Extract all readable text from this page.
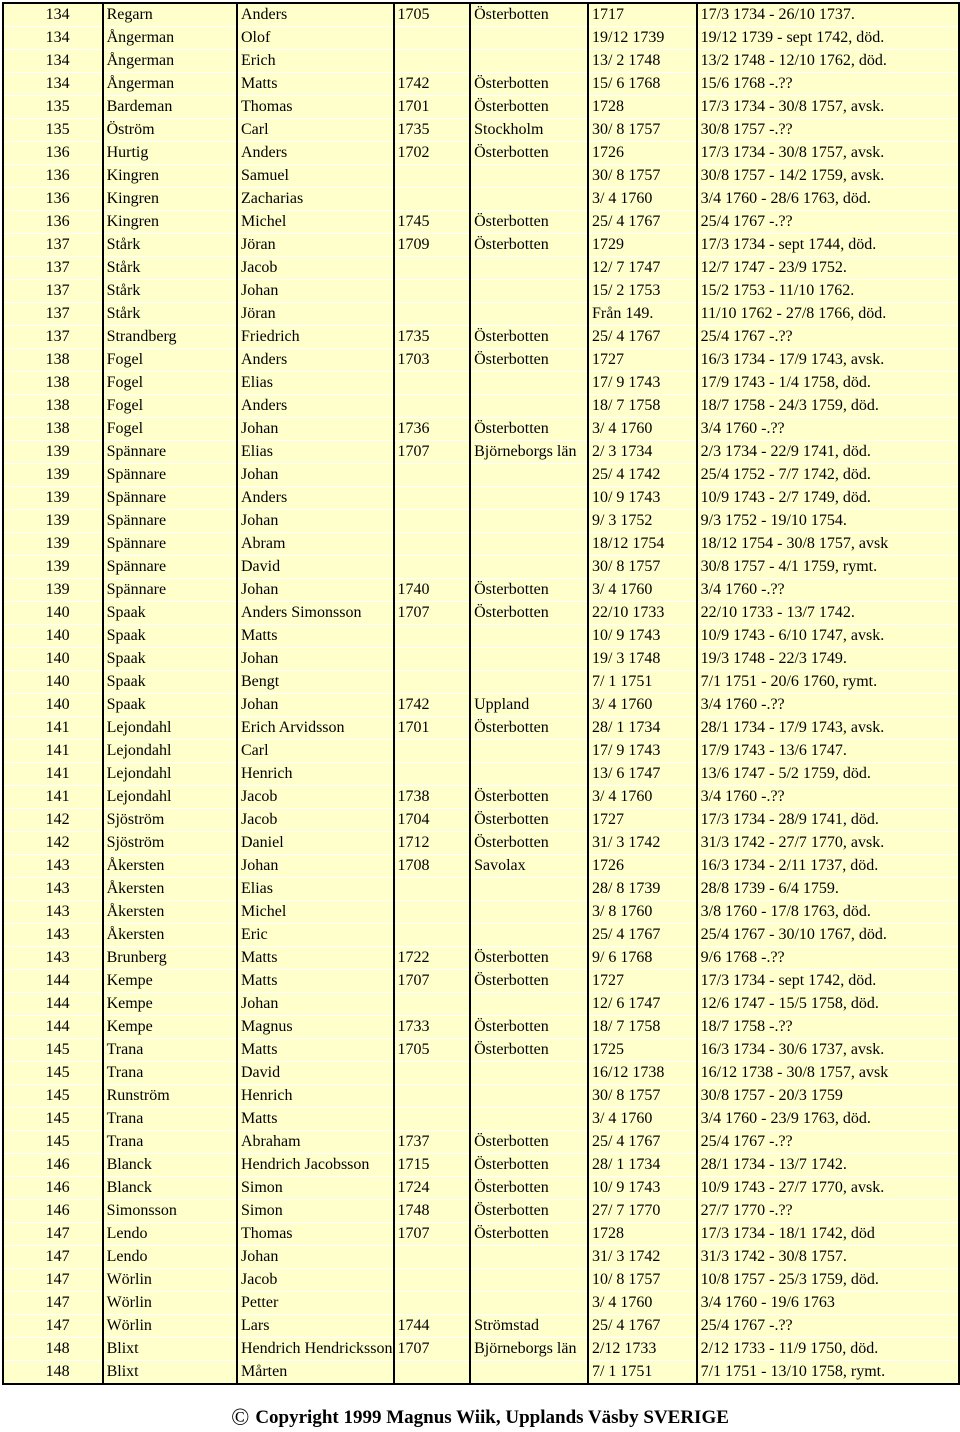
134	Regarn	Anders	1705	Österbotten	1717	17/3 1734 - 26/10 1737.
134	Ångerman	Olof			19/12 1739	19/12 1739 - sept 1742, död.
134	Ångerman	Erich			13/ 2 1748	13/2 1748 - 12/10 1762, död.
134	Ångerman	Matts	1742	Österbotten	15/ 6 1768	15/6 1768 -.??
135	Bardeman	Thomas	1701	Österbotten	1728	17/3 1734 - 30/8 1757, avsk.
135	Öström	Carl	1735	Stockholm	30/ 8 1757	30/8 1757 -.??
136	Hurtig	Anders	1702	Österbotten	1726	17/3 1734 - 30/8 1757, avsk.
136	Kingren	Samuel			30/ 8 1757	30/8 1757 - 14/2 1759, avsk.
136	Kingren	Zacharias			3/ 4 1760	3/4 1760 - 28/6 1763, död.
136	Kingren	Michel	1745	Österbotten	25/ 4 1767	25/4 1767 -.??
137	Stårk	Jöran	1709	Österbotten	1729	17/3 1734 - sept 1744, död.
137	Stårk	Jacob			12/ 7 1747	12/7 1747 - 23/9 1752.
137	Stårk	Johan			15/ 2 1753	15/2 1753 - 11/10 1762.
137	Stårk	Jöran			Från 149.	11/10 1762 - 27/8 1766, död.
137	Strandberg	Friedrich	1735	Österbotten	25/ 4 1767	25/4 1767 -.??
138	Fogel	Anders	1703	Österbotten	1727	16/3 1734 - 17/9 1743, avsk.
138	Fogel	Elias			17/ 9 1743	17/9 1743 - 1/4 1758, död.
138	Fogel	Anders			18/ 7 1758	18/7 1758 - 24/3 1759, död.
138	Fogel	Johan	1736	Österbotten	3/ 4 1760	3/4 1760 -.??
139	Spännare	Elias	1707	Björneborgs län	2/ 3 1734	2/3 1734 - 22/9 1741, död.
139	Spännare	Johan			25/ 4 1742	25/4 1752 - 7/7 1742, död.
139	Spännare	Anders			10/ 9 1743	10/9 1743 - 2/7 1749, död.
139	Spännare	Johan			9/ 3 1752	9/3 1752 - 19/10 1754.
139	Spännare	Abram			18/12 1754	18/12 1754 - 30/8 1757, avsk
139	Spännare	David			30/ 8 1757	30/8 1757 - 4/1 1759, rymt.
139	Spännare	Johan	1740	Österbotten	3/ 4 1760	3/4 1760 -.??
140	Spaak	Anders Simonsson	1707	Österbotten	22/10 1733	22/10 1733 - 13/7 1742.
140	Spaak	Matts			10/ 9 1743	10/9 1743 - 6/10 1747, avsk.
140	Spaak	Johan			19/ 3 1748	19/3 1748 - 22/3 1749.
140	Spaak	Bengt			7/ 1 1751	7/1 1751 - 20/6 1760, rymt.
140	Spaak	Johan	1742	Uppland	3/ 4 1760	3/4 1760 -.??
141	Lejondahl	Erich Arvidsson	1701	Österbotten	28/ 1 1734	28/1 1734 - 17/9 1743, avsk.
141	Lejondahl	Carl			17/ 9 1743	17/9 1743 - 13/6 1747.
141	Lejondahl	Henrich			13/ 6 1747	13/6 1747 - 5/2 1759, död.
141	Lejondahl	Jacob	1738	Österbotten	3/ 4 1760	3/4 1760 -.??
142	Sjöström	Jacob	1704	Österbotten	1727	17/3 1734 - 28/9 1741, död.
142	Sjöström	Daniel	1712	Österbotten	31/ 3 1742	31/3 1742 - 27/7 1770, avsk.
143	Åkersten	Johan	1708	Savolax	1726	16/3 1734 - 2/11 1737, död.
143	Åkersten	Elias			28/ 8 1739	28/8 1739 - 6/4 1759.
143	Åkersten	Michel			3/ 8 1760	3/8 1760 - 17/8 1763, död.
143	Åkersten	Eric			25/ 4 1767	25/4 1767 - 30/10 1767, död.
143	Brunberg	Matts	1722	Österbotten	9/ 6 1768	9/6 1768 -.??
144	Kempe	Matts	1707	Österbotten	1727	17/3 1734 - sept 1742, död.
144	Kempe	Johan			12/ 6 1747	12/6 1747 - 15/5 1758, död.
144	Kempe	Magnus	1733	Österbotten	18/ 7 1758	18/7 1758 -.??
145	Trana	Matts	1705	Österbotten	1725	16/3 1734 - 30/6 1737, avsk.
145	Trana	David			16/12 1738	16/12 1738 - 30/8 1757, avsk
145	Runström	Henrich			30/ 8 1757	30/8 1757 - 20/3 1759
145	Trana	Matts			3/ 4 1760	3/4 1760 - 23/9 1763, död.
145	Trana	Abraham	1737	Österbotten	25/ 4 1767	25/4 1767 -.??
146	Blanck	Hendrich Jacobsson	1715	Österbotten	28/ 1 1734	28/1 1734 - 13/7 1742.
146	Blanck	Simon	1724	Österbotten	10/ 9 1743	10/9 1743 - 27/7 1770, avsk.
146	Simonsson	Simon	1748	Österbotten	27/ 7 1770	27/7 1770 -.??
147	Lendo	Thomas	1707	Österbotten	1728	17/3 1734 - 18/1 1742, död
147	Lendo	Johan			31/ 3 1742	31/3 1742 - 30/8 1757.
147	Wörlin	Jacob			10/ 8 1757	10/8 1757 - 25/3 1759, död.
147	Wörlin	Petter			3/ 4 1760	3/4 1760 - 19/6 1763
147	Wörlin	Lars	1744	Strömstad	25/ 4 1767	25/4 1767 -.??
148	Blixt	Hendrich Hendricksson	1707	Björneborgs län	2/12 1733	2/12 1733 - 11/9 1750, död.
148	Blixt	Mårten			7/ 1 1751	7/1 1751 - 13/10 1758, rymt.
© Copyright 1999 Magnus Wiik, Upplands Väsby SVERIGE
